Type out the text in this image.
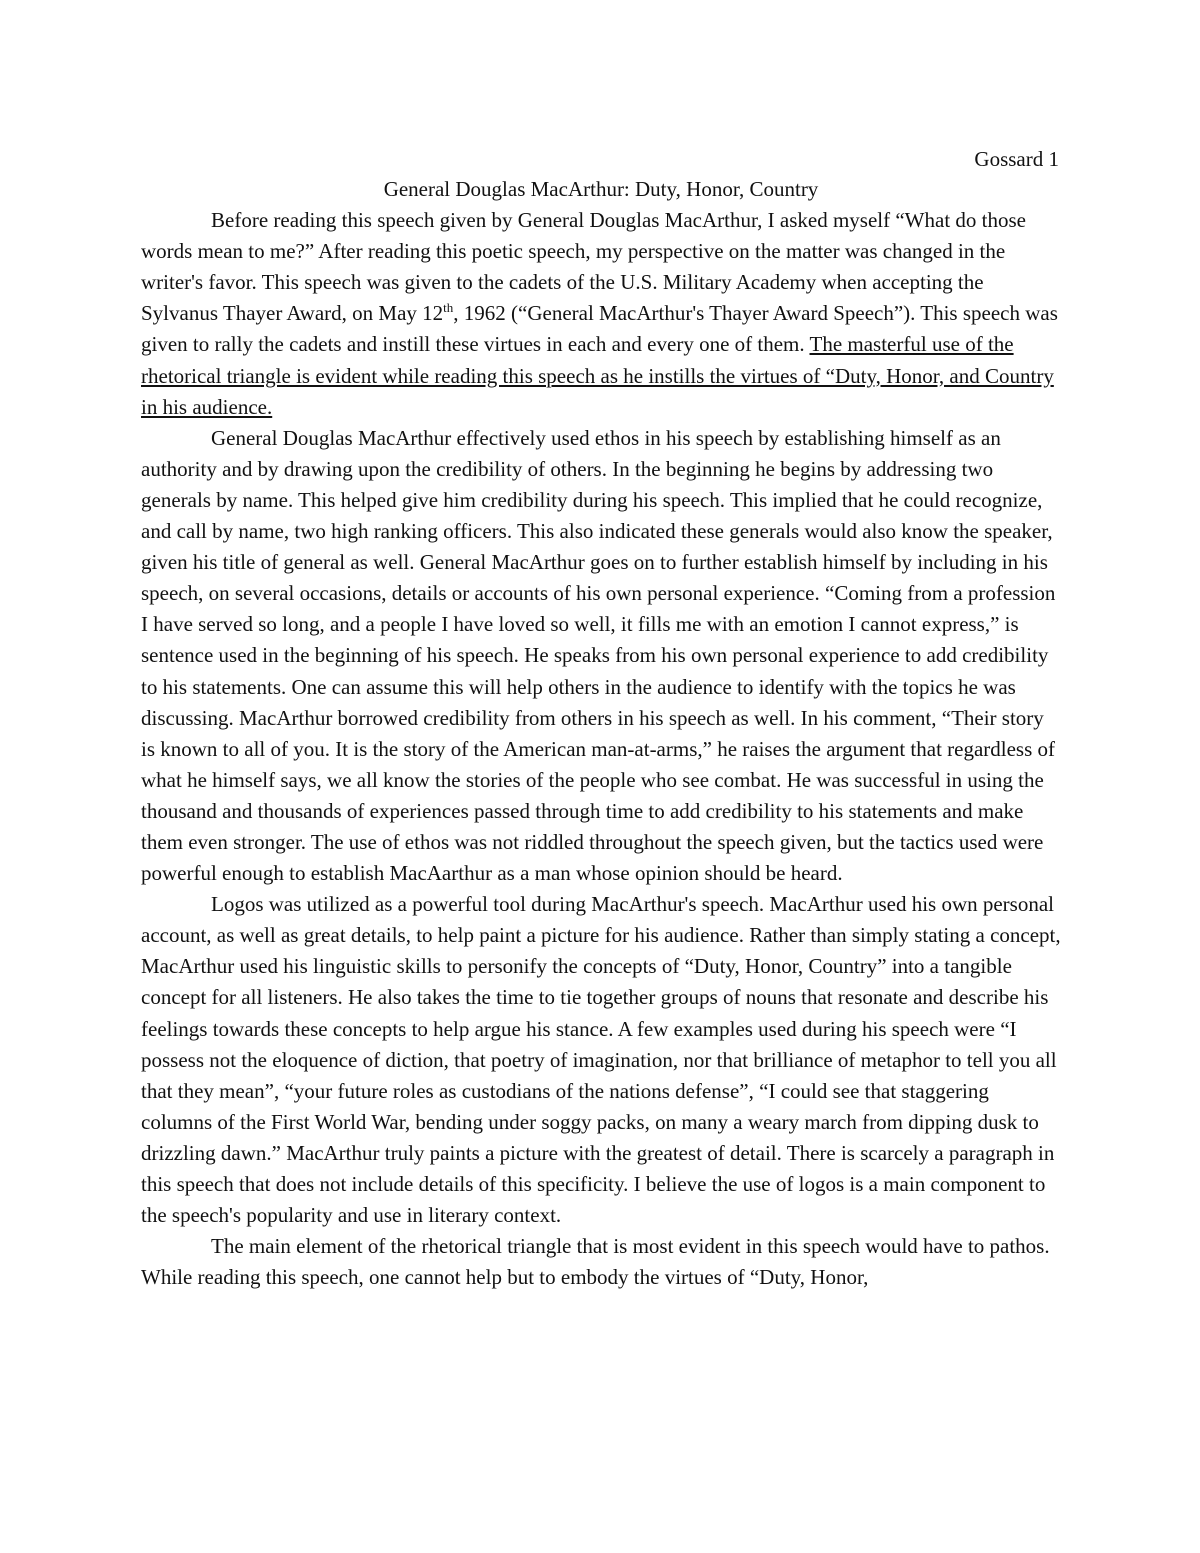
Gossard 1

General Douglas MacArthur: Duty, Honor, Country

Before reading this speech given by General Douglas MacArthur, I asked myself “What do those words mean to me?” After reading this poetic speech, my perspective on the matter was changed in the writer's favor. This speech was given to the cadets of the U.S. Military Academy when accepting the Sylvanus Thayer Award, on May 12th, 1962 (“General MacArthur's Thayer Award Speech”). This speech was given to rally the cadets and instill these virtues in each and every one of them. The masterful use of the rhetorical triangle is evident while reading this speech as he instills the virtues of “Duty, Honor, and Country in his audience.

General Douglas MacArthur effectively used ethos in his speech by establishing himself as an authority and by drawing upon the credibility of others. In the beginning he begins by addressing two generals by name. This helped give him credibility during his speech. This implied that he could recognize, and call by name, two high ranking officers. This also indicated these generals would also know the speaker, given his title of general as well. General MacArthur goes on to further establish himself by including in his speech, on several occasions, details or accounts of his own personal experience. “Coming from a profession I have served so long, and a people I have loved so well, it fills me with an emotion I cannot express,” is sentence used in the beginning of his speech. He speaks from his own personal experience to add credibility to his statements. One can assume this will help others in the audience to identify with the topics he was discussing. MacArthur borrowed credibility from others in his speech as well. In his comment, “Their story is known to all of you. It is the story of the American man-at-arms,” he raises the argument that regardless of what he himself says, we all know the stories of the people who see combat. He was successful in using the thousand and thousands of experiences passed through time to add credibility to his statements and make them even stronger. The use of ethos was not riddled throughout the speech given, but the tactics used were powerful enough to establish MacAarthur as a man whose opinion should be heard.

Logos was utilized as a powerful tool during MacArthur's speech. MacArthur used his own personal account, as well as great details, to help paint a picture for his audience. Rather than simply stating a concept, MacArthur used his linguistic skills to personify the concepts of “Duty, Honor, Country” into a tangible concept for all listeners. He also takes the time to tie together groups of nouns that resonate and describe his feelings towards these concepts to help argue his stance. A few examples used during his speech were “I possess not the eloquence of diction, that poetry of imagination, nor that brilliance of metaphor to tell you all that they mean”, “your future roles as custodians of the nations defense”, “I could see that staggering columns of the First World War, bending under soggy packs, on many a weary march from dipping dusk to drizzling dawn.” MacArthur truly paints a picture with the greatest of detail. There is scarcely a paragraph in this speech that does not include details of this specificity. I believe the use of logos is a main component to the speech's popularity and use in literary context.

The main element of the rhetorical triangle that is most evident in this speech would have to pathos. While reading this speech, one cannot help but to embody the virtues of “Duty, Honor,
